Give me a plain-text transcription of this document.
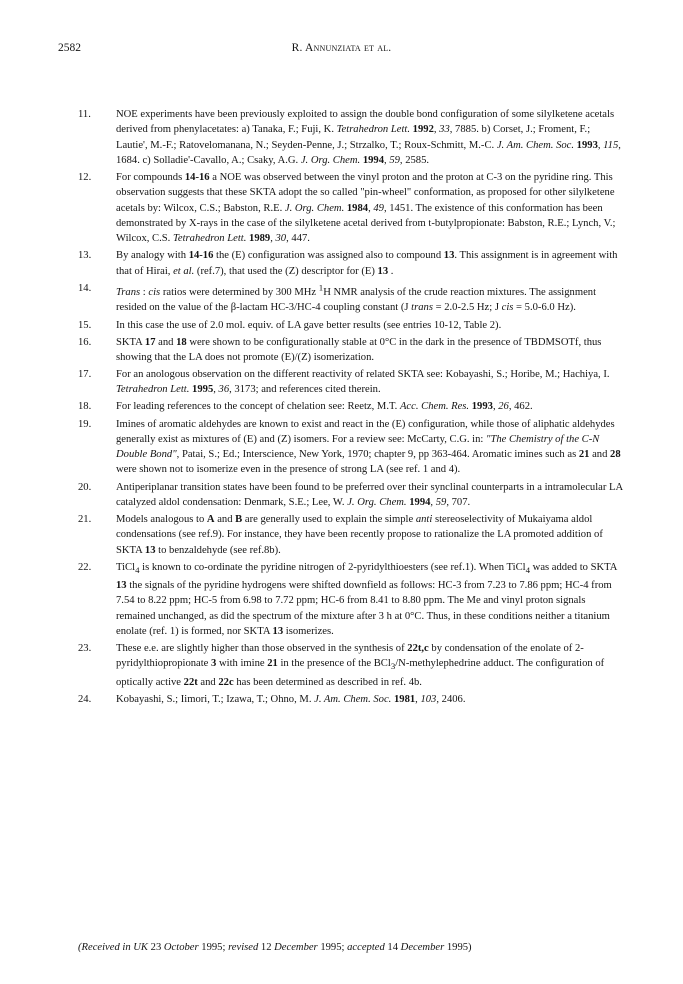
2582	R. Annunziata et al.
11.	NOE experiments have been previously exploited to assign the double bond configuration of some silylketene acetals derived from phenylacetates: a) Tanaka, F.; Fuji, K. Tetrahedron Lett. 1992, 33, 7885. b) Corset, J.; Froment, F.; Lautie', M.-F.; Ratovelomanana, N.; Seyden-Penne, J.; Strzalko, T.; Roux-Schmitt, M.-C. J. Am. Chem. Soc. 1993, 115, 1684. c) Solladie'-Cavallo, A.; Csaky, A.G. J. Org. Chem. 1994, 59, 2585.
12.	For compounds 14-16 a NOE was observed between the vinyl proton and the proton at C-3 on the pyridine ring. This observation suggests that these SKTA adopt the so called "pin-wheel" conformation, as proposed for other silylketene acetals by: Wilcox, C.S.; Babston, R.E. J. Org. Chem. 1984, 49, 1451. The existence of this conformation has been demonstrated by X-rays in the case of the silylketene acetal derived from t-butylpropionate: Babston, R.E.; Lynch, V.; Wilcox, C.S. Tetrahedron Lett. 1989, 30, 447.
13.	By analogy with 14-16 the (E) configuration was assigned also to compound 13. This assignment is in agreement with that of Hirai, et al. (ref.7), that used the (Z) descriptor for (E) 13 .
14.	Trans : cis ratios were determined by 300 MHz $^1$H NMR analysis of the crude reaction mixtures. The assignment resided on the value of the β-lactam HC-3/HC-4 coupling constant (J trans = 2.0-2.5 Hz; J cis = 5.0-6.0 Hz).
15.	In this case the use of 2.0 mol. equiv. of LA gave better results (see entries 10-12, Table 2).
16.	SKTA 17 and 18 were shown to be configurationally stable at 0°C in the dark in the presence of TBDMSOTf, thus showing that the LA does not promote (E)/(Z) isomerization.
17.	For an anologous observation on the different reactivity of related SKTA see: Kobayashi, S.; Horibe, M.; Hachiya, I. Tetrahedron Lett. 1995, 36, 3173; and references cited therein.
18.	For leading references to the concept of chelation see: Reetz, M.T. Acc. Chem. Res. 1993, 26, 462.
19.	Imines of aromatic aldehydes are known to exist and react in the (E) configuration, while those of aliphatic aldehydes generally exist as mixtures of (E) and (Z) isomers. For a review see: McCarty, C.G. in: "The Chemistry of the C-N Double Bond", Patai, S.; Ed.; Interscience, New York, 1970; chapter 9, pp 363-464. Aromatic imines such as 21 and 28 were shown not to isomerize even in the presence of strong LA (see ref. 1 and 4).
20.	Antiperiplanar transition states have been found to be preferred over their synclinal counterparts in a intramolecular LA catalyzed aldol condensation: Denmark, S.E.; Lee, W. J. Org. Chem. 1994, 59, 707.
21.	Models analogous to A and B are generally used to explain the simple anti stereoselectivity of Mukaiyama aldol condensations (see ref.9). For instance, they have been recently propose to rationalize the LA promoted addition of SKTA 13 to benzaldehyde (see ref.8b).
22.	TiCl$_4$ is known to co-ordinate the pyridine nitrogen of 2-pyridylthioesters (see ref.1). When TiCl$_4$ was added to SKTA 13 the signals of the pyridine hydrogens were shifted downfield as follows: HC-3 from 7.23 to 7.86 ppm; HC-4 from 7.54 to 8.22 ppm; HC-5 from 6.98 to 7.72 ppm; HC-6 from 8.41 to 8.80 ppm. The Me and vinyl proton signals remained unchanged, as did the spectrum of the mixture after 3 h at 0°C. Thus, in these conditions neither a titanium enolate (ref. 1) is formed, nor SKTA 13 isomerizes.
23.	These e.e. are slightly higher than those observed in the synthesis of 22t,c by condensation of the enolate of 2-pyridylthiopropionate 3 with imine 21 in the presence of the BCl$_3$/N-methylephedrine adduct. The configuration of optically active 22t and 22c has been determined as described in ref. 4b.
24.	Kobayashi, S.; Iimori, T.; Izawa, T.; Ohno, M. J. Am. Chem. Soc. 1981, 103, 2406.
(Received in UK 23 October 1995; revised 12 December 1995; accepted 14 December 1995)
